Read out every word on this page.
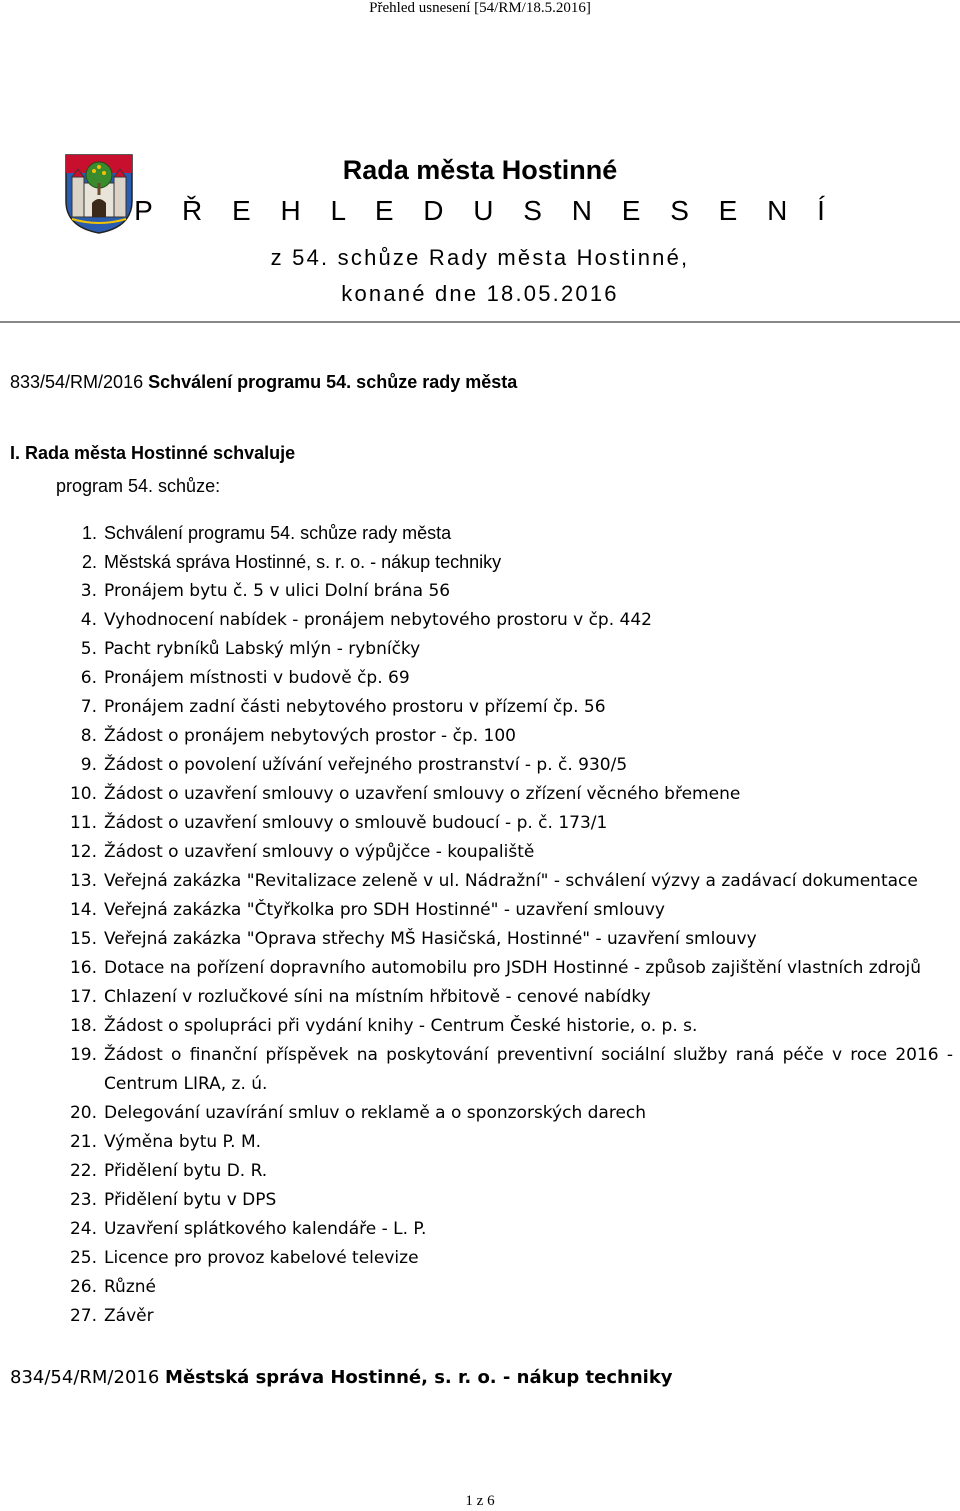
Přehled usnesení [54/RM/18.5.2016]
Rada města Hostinné
P Ř E H L E D U S N E S E N Í
z 54. schůze Rady města Hostinné,
konané dne 18.05.2016
833/54/RM/2016 Schválení programu 54. schůze rady města
I. Rada města Hostinné schvaluje
program 54. schůze:
1. Schválení programu 54. schůze rady města
2. Městská správa Hostinné, s. r. o. - nákup techniky
3. Pronájem bytu č. 5 v ulici Dolní brána 56
4. Vyhodnocení nabídek - pronájem nebytového prostoru v čp. 442
5. Pacht rybníků Labský mlýn - rybníčky
6. Pronájem místnosti v budově čp. 69
7. Pronájem zadní části nebytového prostoru v přízemí čp. 56
8. Žádost o pronájem nebytových prostor - čp. 100
9. Žádost o povolení užívání veřejného prostranství - p. č. 930/5
10. Žádost o uzavření smlouvy o uzavření smlouvy o zřízení věcného břemene
11. Žádost o uzavření smlouvy o smlouvě budoucí - p. č. 173/1
12. Žádost o uzavření smlouvy o výpůjčce - koupaliště
13. Veřejná zakázka "Revitalizace zeleně v ul. Nádražní" - schválení výzvy a zadávací dokumentace
14. Veřejná zakázka "Čtyřkolka pro SDH Hostinné" - uzavření smlouvy
15. Veřejná zakázka "Oprava střechy MŠ Hasičská, Hostinné" - uzavření smlouvy
16. Dotace na pořízení dopravního automobilu pro JSDH Hostinné - způsob zajištění vlastních zdrojů
17. Chlazení v rozlučkové síni na místním hřbitově - cenové nabídky
18. Žádost o spolupráci při vydání knihy - Centrum České historie, o. p. s.
19. Žádost o finanční příspěvek na poskytování preventivní sociální služby raná péče v roce 2016 - Centrum LIRA, z. ú.
20. Delegování uzavírání smluv o reklamě a o sponzorských darech
21. Výměna bytu P. M.
22. Přidělení bytu D. R.
23. Přidělení bytu v DPS
24. Uzavření splátkového kalendáře - L. P.
25. Licence pro provoz kabelové televize
26. Různé
27. Závěr
834/54/RM/2016 Městská správa Hostinné, s. r. o. - nákup techniky
1 z 6
